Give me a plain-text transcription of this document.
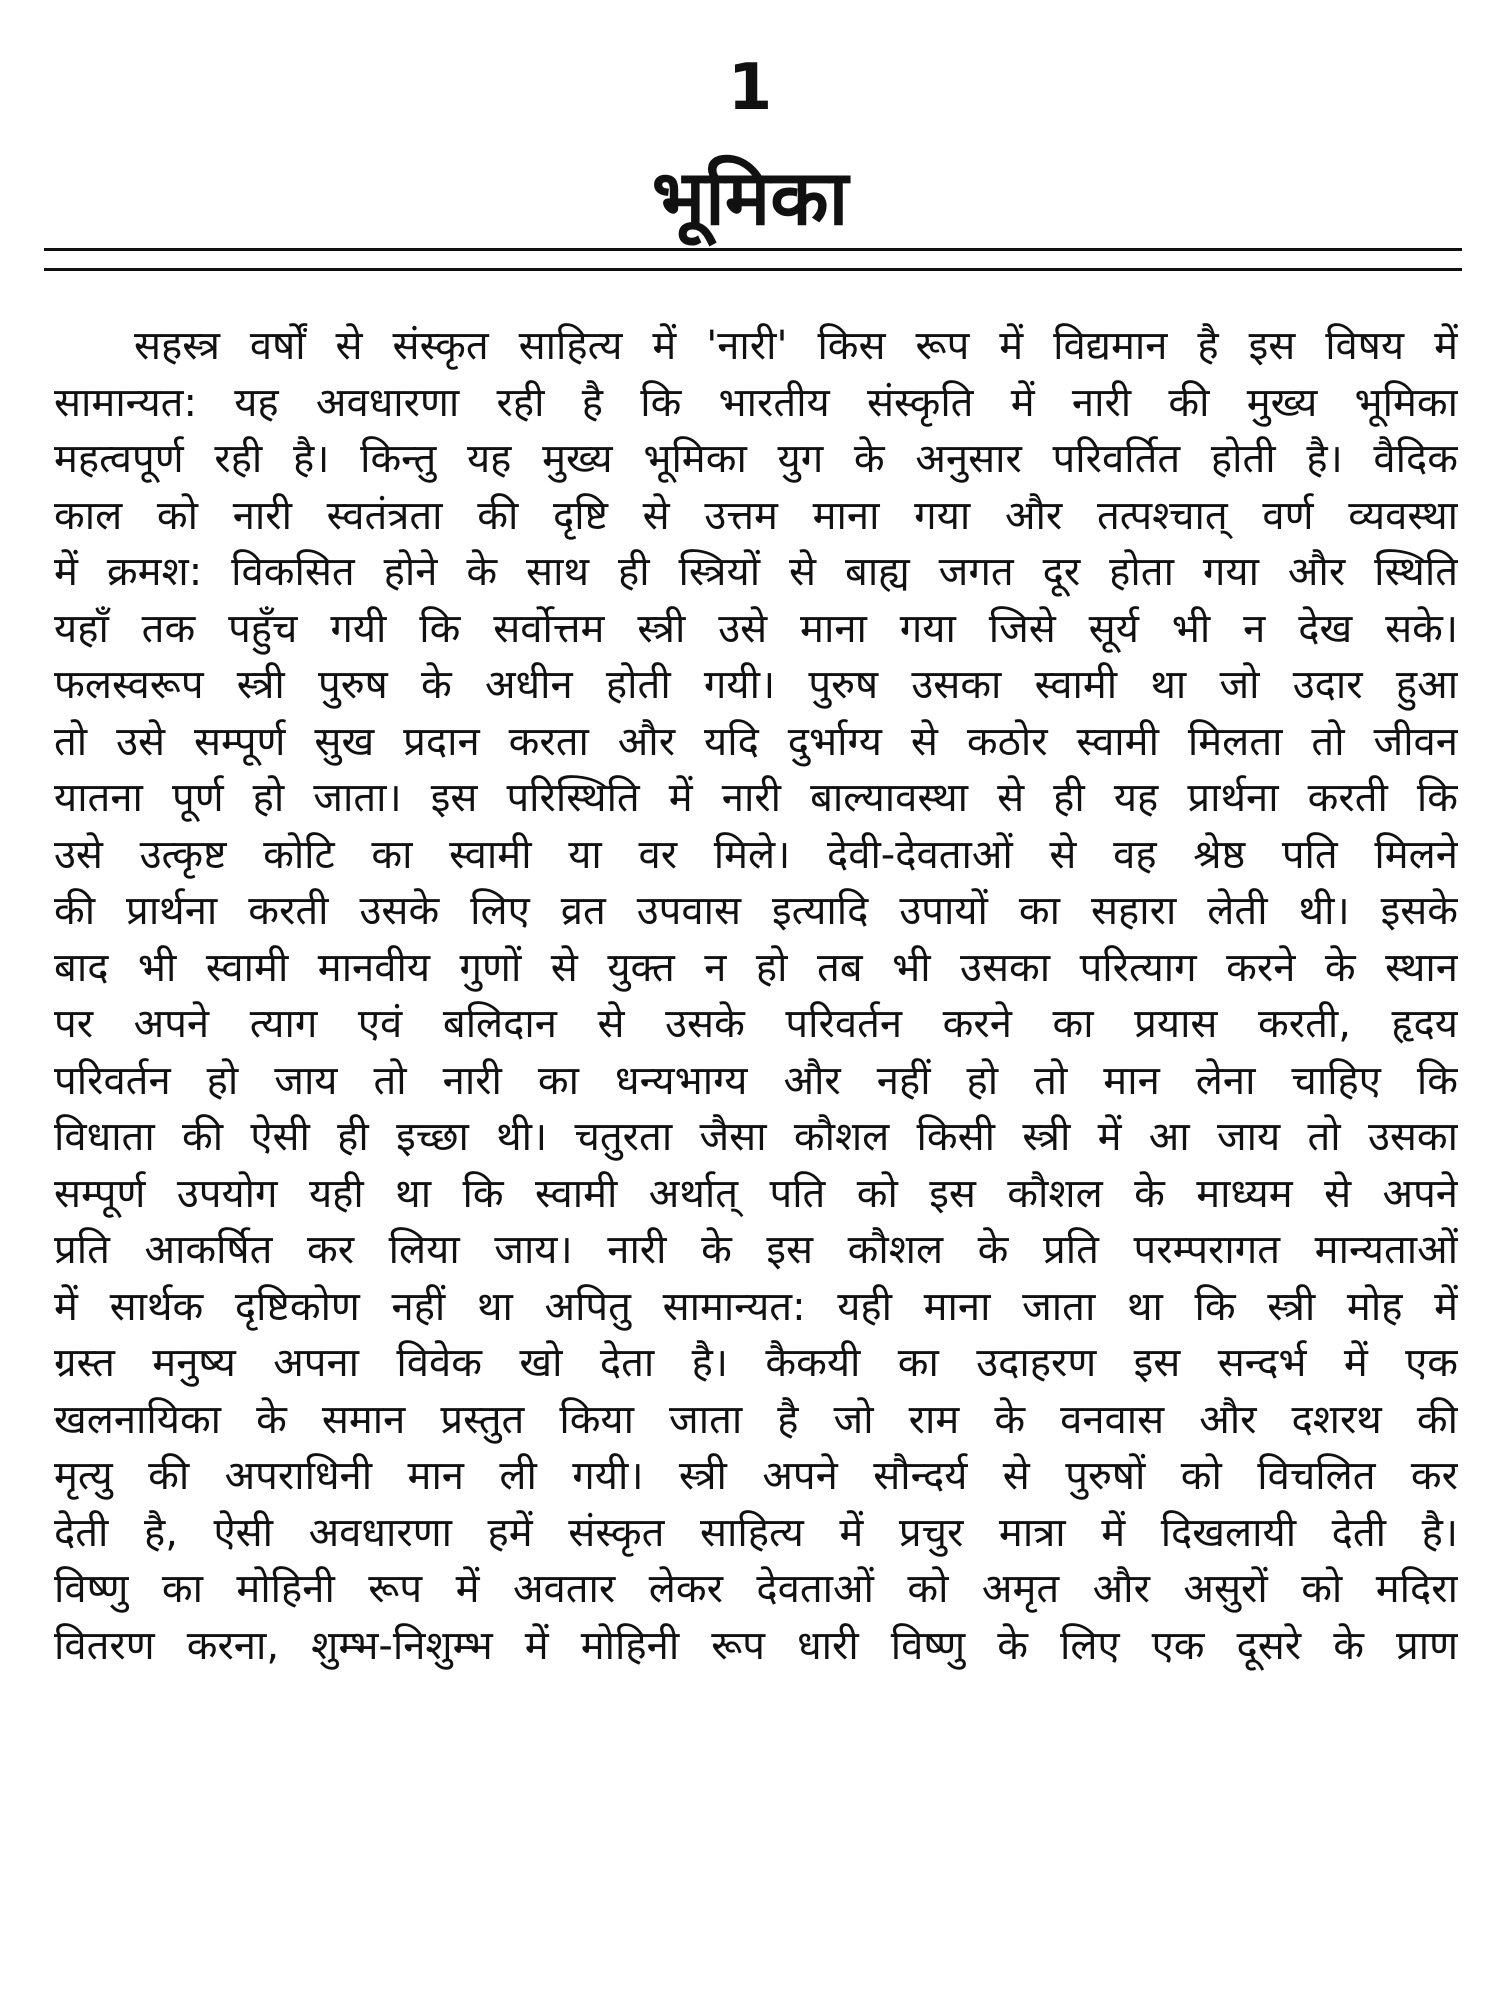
1
भूमिका
सहस्त्र वर्षों से संस्कृत साहित्य में 'नारी' किस रूप में विद्यमान है इस विषय में
सामान्यत: यह अवधारणा रही है कि भारतीय संस्कृति में नारी की मुख्य भूमिका
महत्वपूर्ण रही है। किन्तु यह मुख्य भूमिका युग के अनुसार परिवर्तित होती है। वैदिक
काल को नारी स्वतंत्रता की दृष्टि से उत्तम माना गया और तत्पश्चात् वर्ण व्यवस्था
में क्रमश: विकसित होने के साथ ही स्त्रियों से बाह्य जगत दूर होता गया और स्थिति
यहाँ तक पहुँच गयी कि सर्वोत्तम स्त्री उसे माना गया जिसे सूर्य भी न देख सके।
फलस्वरूप स्त्री पुरुष के अधीन होती गयी। पुरुष उसका स्वामी था जो उदार हुआ
तो उसे सम्पूर्ण सुख प्रदान करता और यदि दुर्भाग्य से कठोर स्वामी मिलता तो जीवन
यातना पूर्ण हो जाता। इस परिस्थिति में नारी बाल्यावस्था से ही यह प्रार्थना करती कि
उसे उत्कृष्ट कोटि का स्वामी या वर मिले। देवी-देवताओं से वह श्रेष्ठ पति मिलने
की प्रार्थना करती उसके लिए व्रत उपवास इत्यादि उपायों का सहारा लेती थी। इसके
बाद भी स्वामी मानवीय गुणों से युक्त न हो तब भी उसका परित्याग करने के स्थान
पर अपने त्याग एवं बलिदान से उसके परिवर्तन करने का प्रयास करती, हृदय
परिवर्तन हो जाय तो नारी का धन्यभाग्य और नहीं हो तो मान लेना चाहिए कि
विधाता की ऐसी ही इच्छा थी। चतुरता जैसा कौशल किसी स्त्री में आ जाय तो उसका
सम्पूर्ण उपयोग यही था कि स्वामी अर्थात् पति को इस कौशल के माध्यम से अपने
प्रति आकर्षित कर लिया जाय। नारी के इस कौशल के प्रति परम्परागत मान्यताओं
में सार्थक दृष्टिकोण नहीं था अपितु सामान्यत: यही माना जाता था कि स्त्री मोह में
ग्रस्त मनुष्य अपना विवेक खो देता है। कैकयी का उदाहरण इस सन्दर्भ में एक
खलनायिका के समान प्रस्तुत किया जाता है जो राम के वनवास और दशरथ की
मृत्यु की अपराधिनी मान ली गयी। स्त्री अपने सौन्दर्य से पुरुषों को विचलित कर
देती है, ऐसी अवधारणा हमें संस्कृत साहित्य में प्रचुर मात्रा में दिखलायी देती है।
विष्णु का मोहिनी रूप में अवतार लेकर देवताओं को अमृत और असुरों को मदिरा
वितरण करना, शुम्भ-निशुम्भ में मोहिनी रूप धारी विष्णु के लिए एक दूसरे के प्राण
